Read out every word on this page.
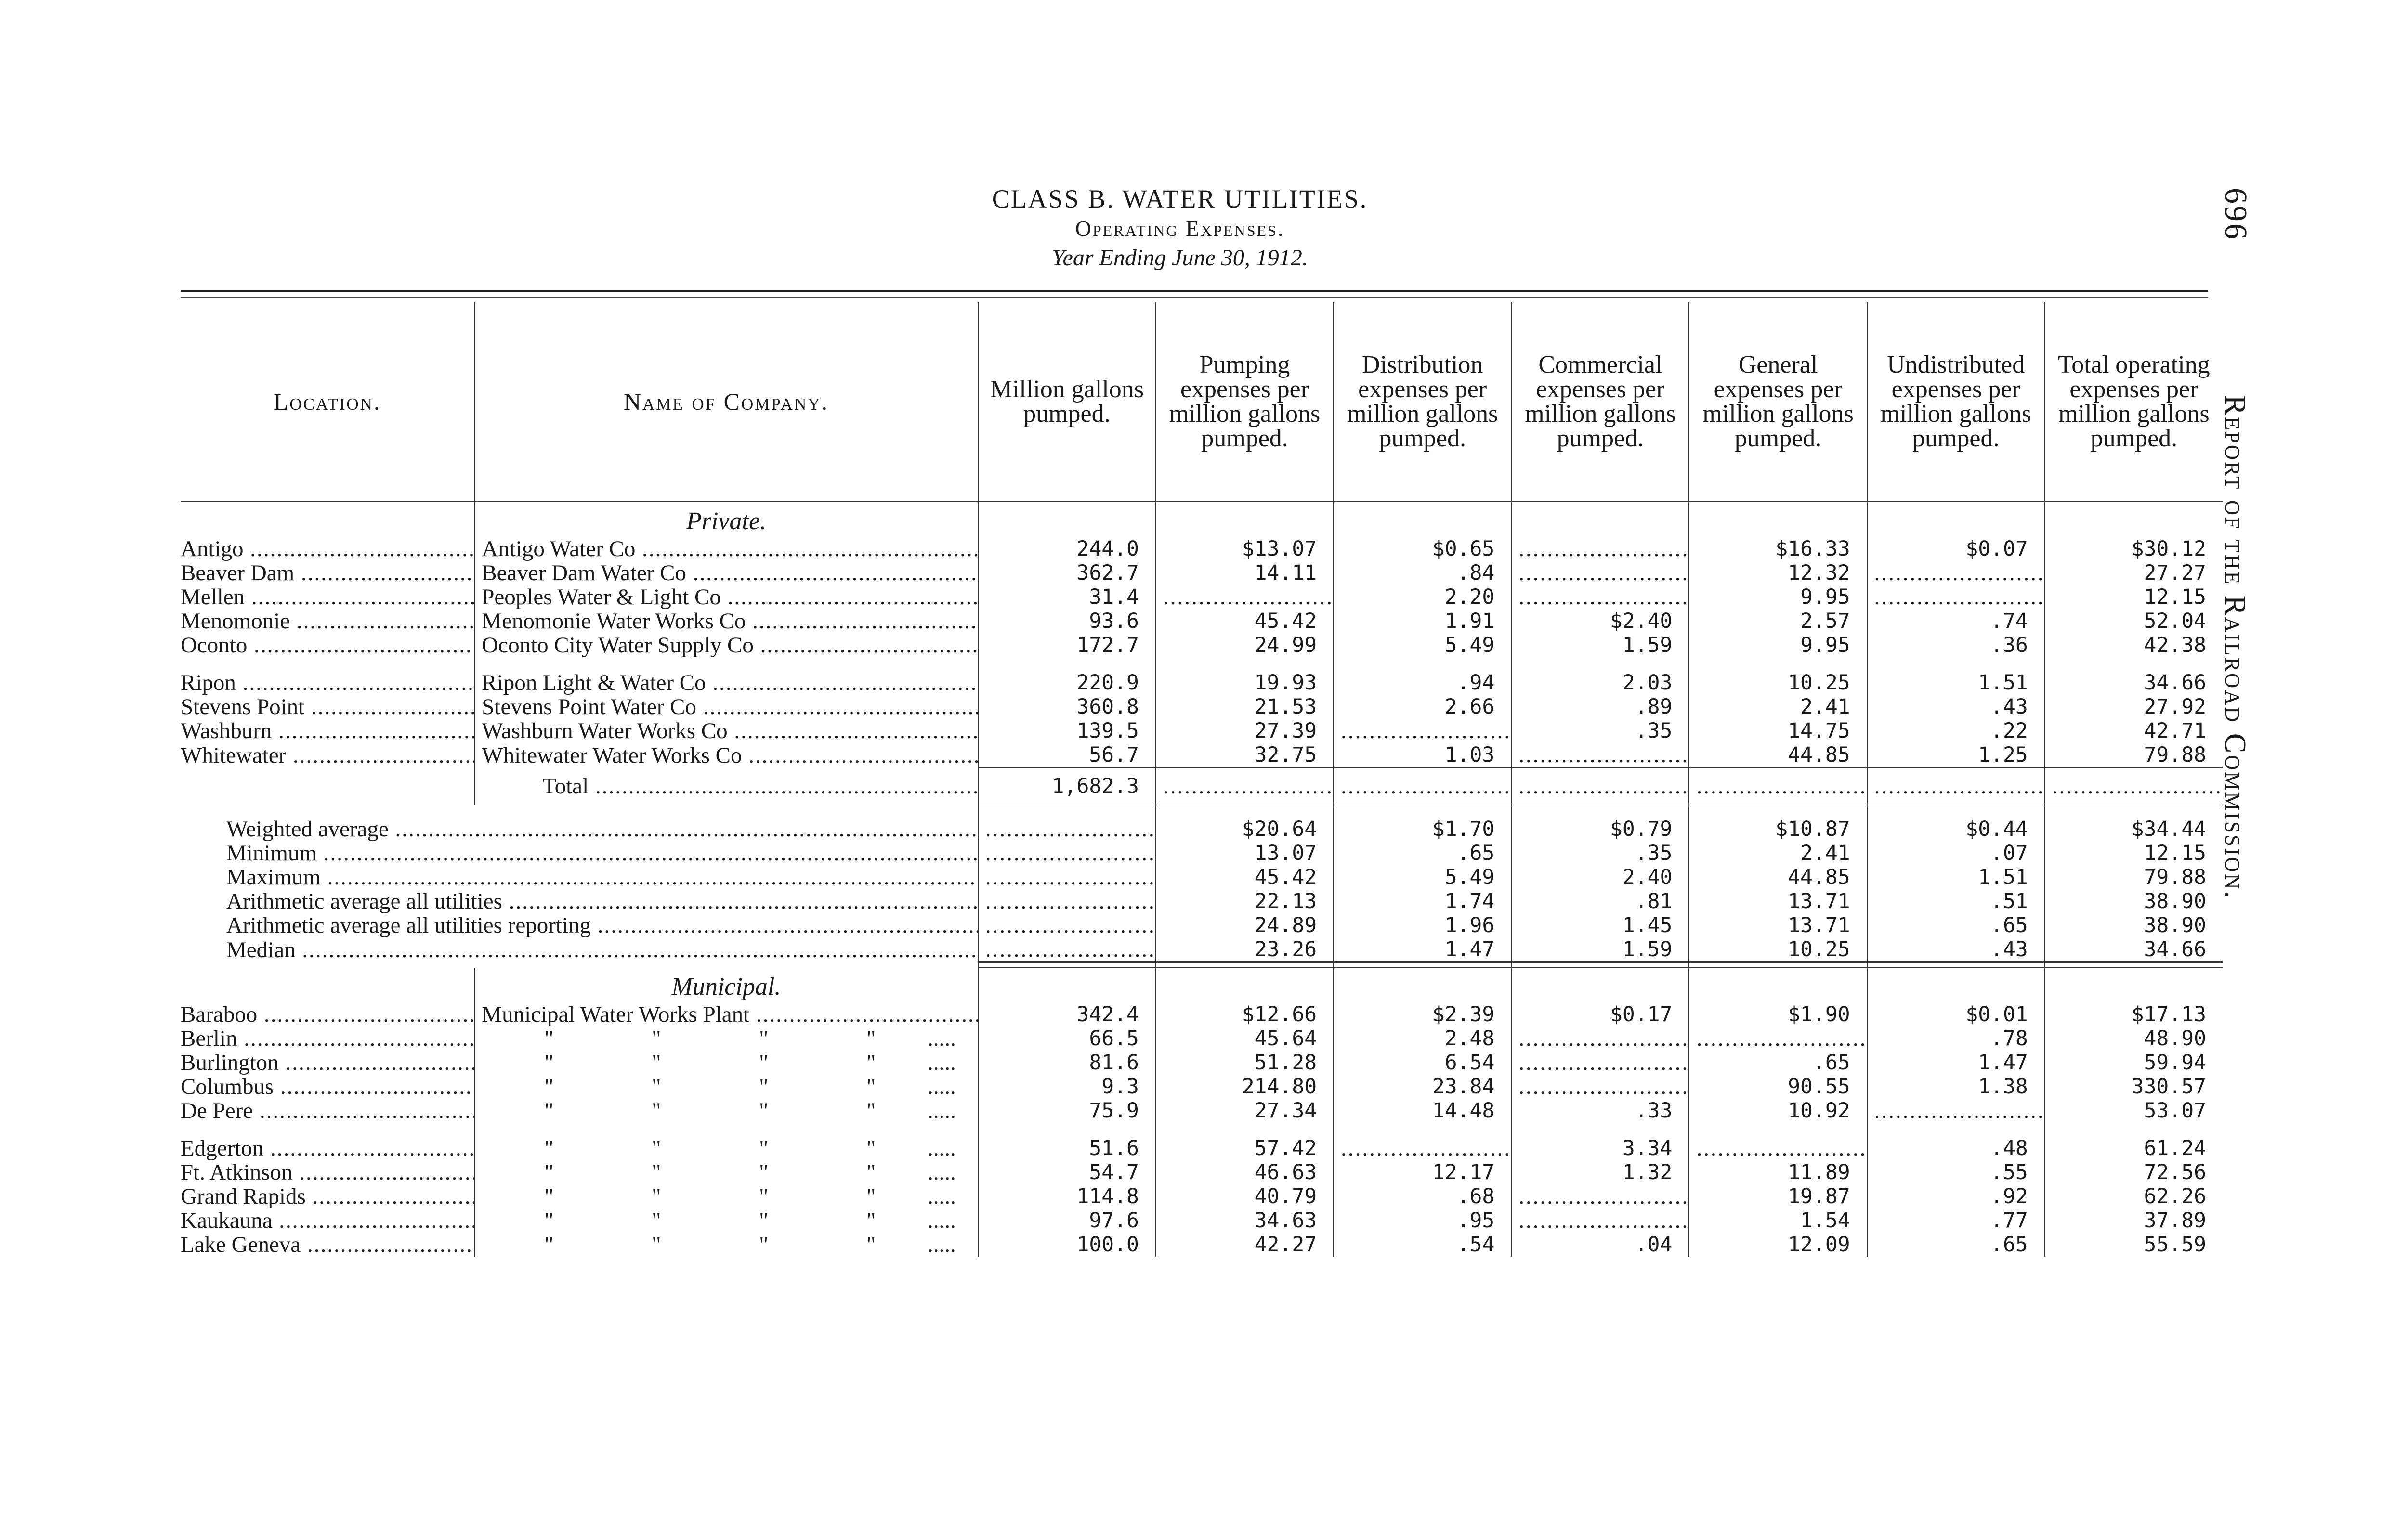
CLASS B. WATER UTILITIES.
Operating Expenses.
Year Ending June 30, 1912.
696 Report of the Railroad Commission.
Location.	Name of Company.	Million gallons pumped.	Pumping expenses per million gallons pumped.	Distribution expenses per million gallons pumped.	Commercial expenses per million gallons pumped.	General expenses per million gallons pumped.	Undistributed expenses per million gallons pumped.	Total operating expenses per million gallons pumped.
	Private.							
Antigo .....	Antigo Water Co .....	244.0	$13.07	$0.65	.....	$16.33	$0.07	$30.12
Beaver Dam .....	Beaver Dam Water Co .....	362.7	14.11	.84	.....	12.32	.....	27.27
Mellen .....	Peoples Water & Light Co .....	31.4	.....	2.20	.....	9.95	.....	12.15
Menomonie .....	Menomonie Water Works Co .....	93.6	45.42	1.91	$2.40	2.57	.74	52.04
Oconto .....	Oconto City Water Supply Co .....	172.7	24.99	5.49	1.59	9.95	.36	42.38

Ripon .....	Ripon Light & Water Co .....	220.9	19.93	.94	2.03	10.25	1.51	34.66
Stevens Point .....	Stevens Point Water Co .....	360.8	21.53	2.66	.89	2.41	.43	27.92
Washburn .....	Washburn Water Works Co .....	139.5	27.39	.....	.35	14.75	.22	42.71
Whitewater .....	Whitewater Water Works Co .....	56.7	32.75	1.03	.....	44.85	1.25	79.88
	Total .....	1,682.3	.....	.....	.....	.....	.....	.....
Weighted average .....	.....		$20.64	$1.70	$0.79	$10.87	$0.44	$34.44
Minimum .....	.....		13.07	.65	.35	2.41	.07	12.15
Maximum .....	.....		45.42	5.49	2.40	44.85	1.51	79.88
Arithmetic average all utilities .....	.....		22.13	1.74	.81	13.71	.51	38.90
Arithmetic average all utilities reporting .....	.....		24.89	1.96	1.45	13.71	.65	38.90
Median .....	.....		23.26	1.47	1.59	10.25	.43	34.66

	Municipal.							
Baraboo .....	Municipal Water Works Plant .....	342.4	$12.66	$2.39	$0.17	$1.90	$0.01	$17.13
Berlin .....	" " " " .....	66.5	45.64	2.48	.....	.....	.78	48.90
Burlington .....	" " " " .....	81.6	51.28	6.54	.....	.65	1.47	59.94
Columbus .....	" " " " .....	9.3	214.80	23.84	.....	90.55	1.38	330.57
De Pere .....	" " " " .....	75.9	27.34	14.48	.33	10.92	.....	53.07

Edgerton .....	" " " " .....	51.6	57.42	.....	3.34	.....	.48	61.24
Ft. Atkinson .....	" " " " .....	54.7	46.63	12.17	1.32	11.89	.55	72.56
Grand Rapids .....	" " " " .....	114.8	40.79	.68	.....	19.87	.92	62.26
Kaukauna .....	" " " " .....	97.6	34.63	.95	.....	1.54	.77	37.89
Lake Geneva .....	" " " " .....	100.0	42.27	.54	.04	12.09	.65	55.59
